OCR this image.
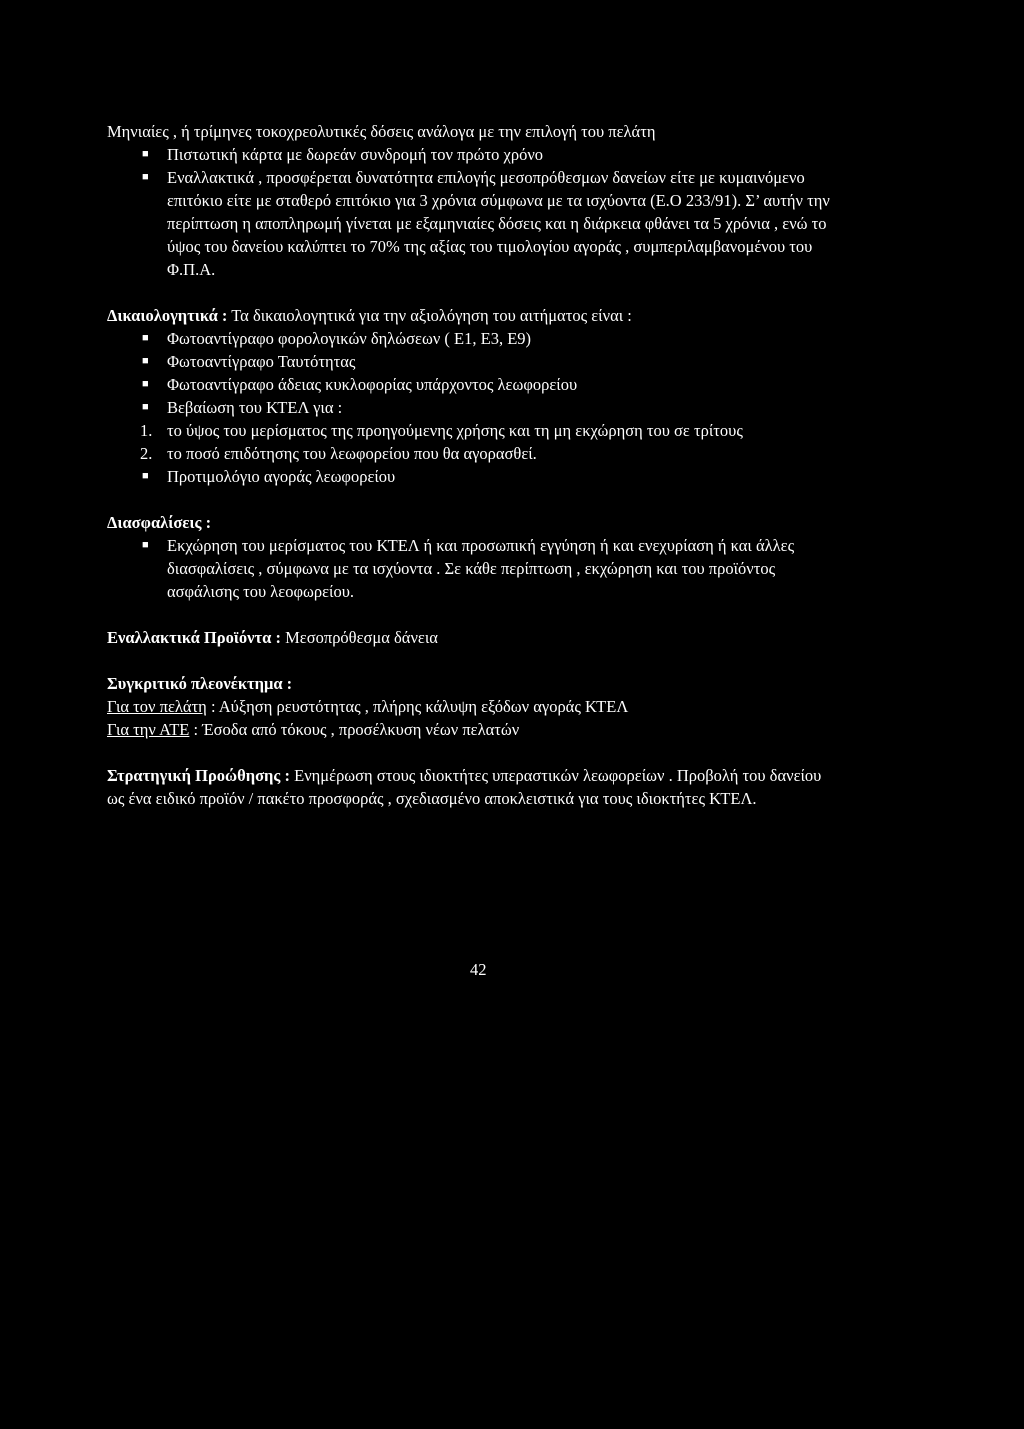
Μηνιαίες , ή τρίμηνες τοκοχρεολυτικές δόσεις ανάλογα με την επιλογή του πελάτη

■ Πιστωτική κάρτα με δωρεάν συνδρομή τον πρώτο χρόνο
■ Εναλλακτικά , προσφέρεται δυνατότητα επιλογής μεσοπρόθεσμων δανείων είτε με κυμαινόμενο επιτόκιο είτε με σταθερό επιτόκιο για 3 χρόνια σύμφωνα με τα ισχύοντα (Ε.Ο 233/91). Σ’ αυτήν την περίπτωση η αποπληρωμή γίνεται με εξαμηνιαίες δόσεις και η διάρκεια φθάνει τα 5 χρόνια , ενώ το ύψος του δανείου καλύπτει το 70% της αξίας του τιμολογίου αγοράς , συμπεριλαμβανομένου του Φ.Π.Α.

Δικαιολογητικά : Τα δικαιολογητικά για την αξιολόγηση του αιτήματος είναι :

■ Φωτοαντίγραφο φορολογικών δηλώσεων ( Ε1, Ε3, Ε9)
■ Φωτοαντίγραφο Ταυτότητας
■ Φωτοαντίγραφο άδειας κυκλοφορίας υπάρχοντος λεωφορείου
■ Βεβαίωση του ΚΤΕΛ για :
1. το ύψος του μερίσματος της προηγούμενης χρήσης και τη μη εκχώρηση του σε τρίτους
2. το ποσό επιδότησης του λεωφορείου που θα αγορασθεί.
■ Προτιμολόγιο αγοράς λεωφορείου

Διασφαλίσεις :

■ Εκχώρηση του μερίσματος του ΚΤΕΛ ή και προσωπική εγγύηση ή και ενεχυρίαση ή και άλλες διασφαλίσεις , σύμφωνα με τα ισχύοντα . Σε κάθε περίπτωση , εκχώρηση και του προϊόντος ασφάλισης του λεοφωρείου.

Εναλλακτικά Προϊόντα : Μεσοπρόθεσμα δάνεια

Συγκριτικό πλεονέκτημα :

Για τον πελάτη : Αύξηση ρευστότητας , πλήρης κάλυψη εξόδων αγοράς ΚΤΕΛ

Για την ΑΤΕ : Έσοδα από τόκους , προσέλκυση νέων πελατών

Στρατηγική Προώθησης : Ενημέρωση στους ιδιοκτήτες υπεραστικών λεωφορείων . Προβολή του δανείου ως ένα ειδικό προϊόν / πακέτο προσφοράς , σχεδιασμένο αποκλειστικά για τους ιδιοκτήτες ΚΤΕΛ.

42
